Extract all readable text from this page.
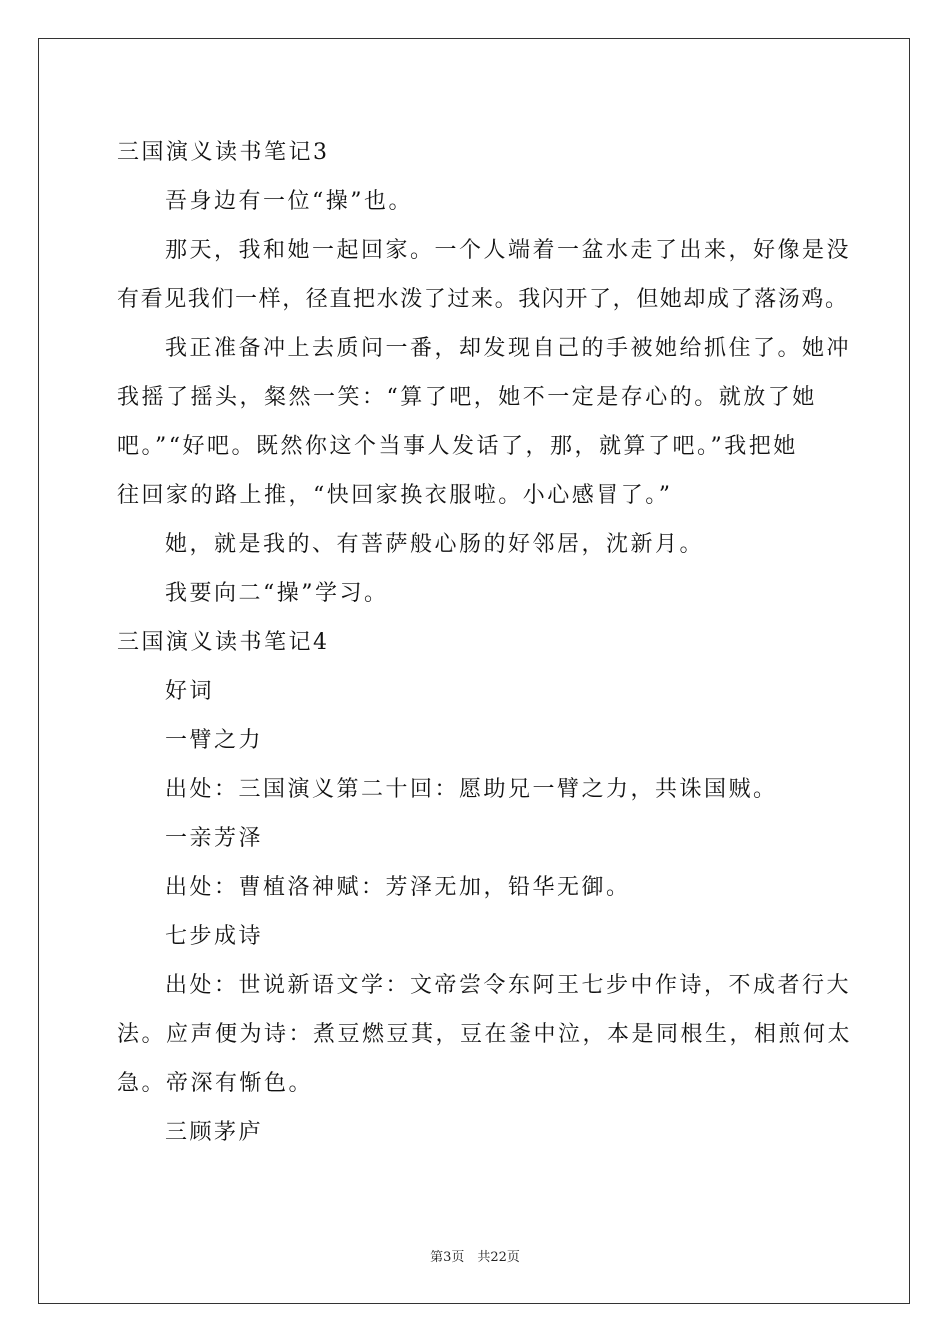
三国演义读书笔记3

吾身边有一位“操”也。

那天，我和她一起回家。一个人端着一盆水走了出来，好像是没

有看见我们一样，径直把水泼了过来。我闪开了，但她却成了落汤鸡。

我正准备冲上去质问一番，却发现自己的手被她给抓住了。她冲

我摇了摇头，粲然一笑：“算了吧，她不一定是存心的。就放了她

吧。”“好吧。既然你这个当事人发话了，那，就算了吧。”我把她

往回家的路上推，“快回家换衣服啦。小心感冒了。”

她，就是我的、有菩萨般心肠的好邻居，沈新月。

我要向二“操”学习。

三国演义读书笔记4

好词

一臂之力

出处：三国演义第二十回：愿助兄一臂之力，共诛国贼。

一亲芳泽

出处：曹植洛神赋：芳泽无加，铅华无御。

七步成诗

出处：世说新语文学：文帝尝令东阿王七步中作诗，不成者行大

法。应声便为诗：煮豆燃豆萁，豆在釜中泣，本是同根生，相煎何太

急。帝深有惭色。

三顾茅庐

第3页　共22页
